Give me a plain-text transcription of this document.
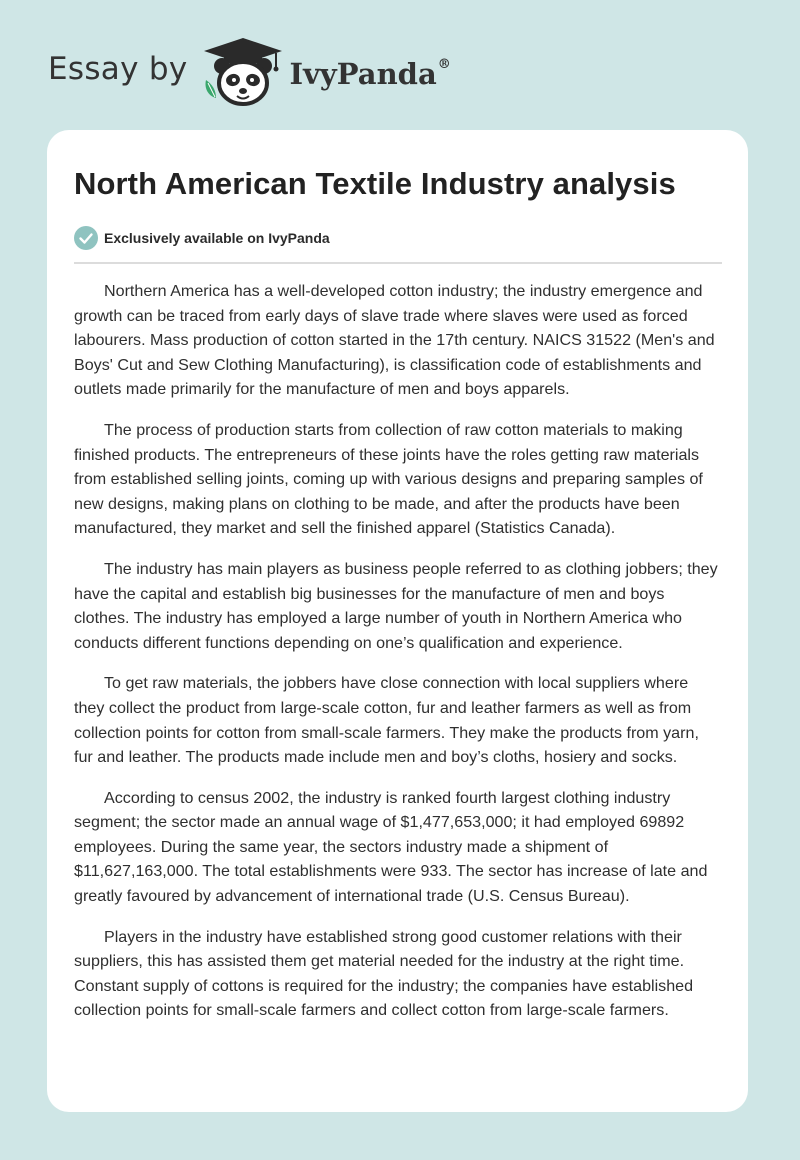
Essay by	IvyPanda®
North American Textile Industry analysis
Exclusively available on IvyPanda

Northern America has a well-developed cotton industry; the industry emergence and growth can be traced from early days of slave trade where slaves were used as forced labourers. Mass production of cotton started in the 17th century. NAICS 31522 (Men's and Boys' Cut and Sew Clothing Manufacturing), is classification code of establishments and outlets made primarily for the manufacture of men and boys apparels.

The process of production starts from collection of raw cotton materials to making finished products. The entrepreneurs of these joints have the roles getting raw materials from established selling joints, coming up with various designs and preparing samples of new designs, making plans on clothing to be made, and after the products have been manufactured, they market and sell the finished apparel (Statistics Canada).

The industry has main players as business people referred to as clothing jobbers; they have the capital and establish big businesses for the manufacture of men and boys clothes. The industry has employed a large number of youth in Northern America who conducts different functions depending on one’s qualification and experience.

To get raw materials, the jobbers have close connection with local suppliers where they collect the product from large-scale cotton, fur and leather farmers as well as from collection points for cotton from small-scale farmers. They make the products from yarn, fur and leather. The products made include men and boy’s cloths, hosiery and socks.

According to census 2002, the industry is ranked fourth largest clothing industry segment; the sector made an annual wage of $1,477,653,000; it had employed 69892 employees. During the same year, the sectors industry made a shipment of $11,627,163,000. The total establishments were 933. The sector has increase of late and greatly favoured by advancement of international trade (U.S. Census Bureau).

Players in the industry have established strong good customer relations with their suppliers, this has assisted them get material needed for the industry at the right time. Constant supply of cottons is required for the industry; the companies have established collection points for small-scale farmers and collect cotton from large-scale farmers.
